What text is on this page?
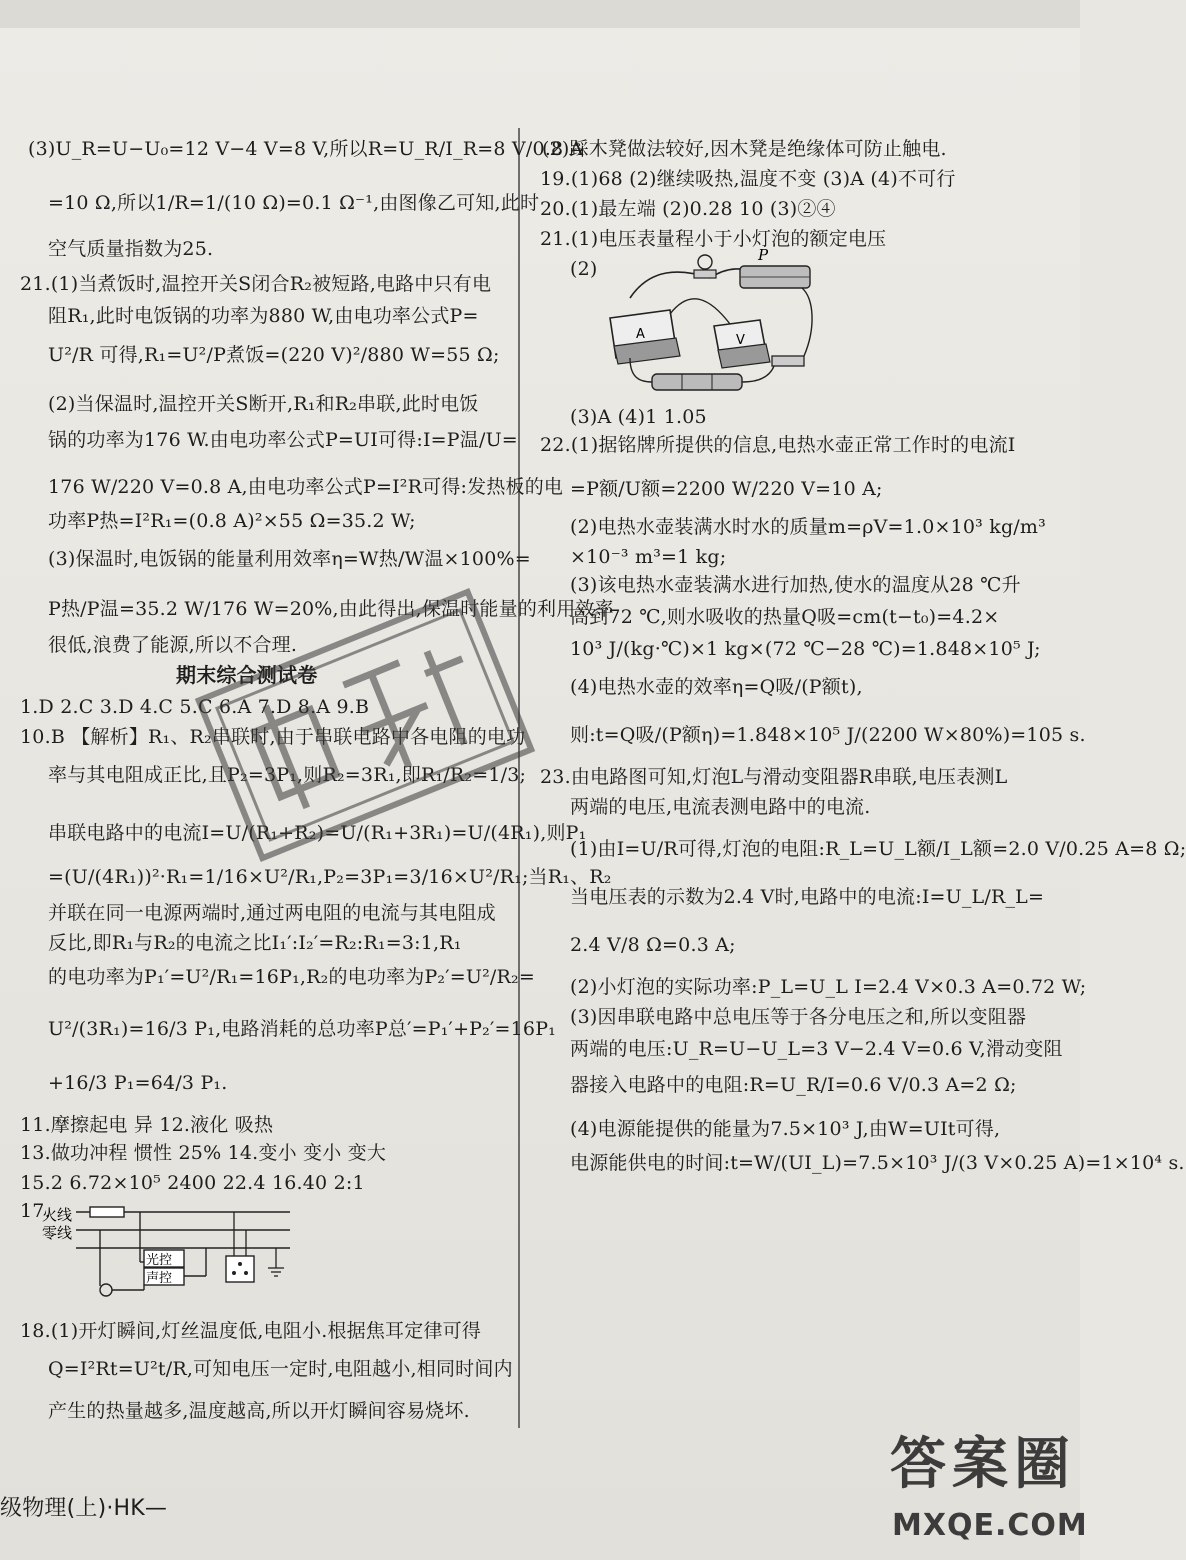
(3)U_R=U−U₀=12 V−4 V=8 V,所以R=U_R/I_R=8 V/0.8 A
=10 Ω,所以1/R=1/(10 Ω)=0.1 Ω⁻¹,由图像乙可知,此时
空气质量指数为25.
21.(1)当煮饭时,温控开关S闭合R₂被短路,电路中只有电
阻R₁,此时电饭锅的功率为880 W,由电功率公式P=
U²/R 可得,R₁=U²/P煮饭=(220 V)²/880 W=55 Ω;
(2)当保温时,温控开关S断开,R₁和R₂串联,此时电饭
锅的功率为176 W.由电功率公式P=UI可得:I=P温/U=
176 W/220 V=0.8 A,由电功率公式P=I²R可得:发热板的电
功率P热=I²R₁=(0.8 A)²×55 Ω=35.2 W;
(3)保温时,电饭锅的能量利用效率η=W热/W温×100%=
P热/P温=35.2 W/176 W=20%,由此得出,保温时能量的利用效率
很低,浪费了能源,所以不合理.
期末综合测试卷
1.D 2.C 3.D 4.C 5.C 6.A 7.D 8.A 9.B
10.B 【解析】R₁、R₂串联时,由于串联电路中各电阻的电功
率与其电阻成正比,且P₂=3P₁,则R₂=3R₁,即R₁/R₂=1/3;
串联电路中的电流I=U/(R₁+R₂)=U/(R₁+3R₁)=U/(4R₁),则P₁
=(U/(4R₁))²·R₁=1/16×U²/R₁,P₂=3P₁=3/16×U²/R₁;当R₁、R₂
并联在同一电源两端时,通过两电阻的电流与其电阻成
反比,即R₁与R₂的电流之比I₁′:I₂′=R₂:R₁=3:1,R₁
的电功率为P₁′=U²/R₁=16P₁,R₂的电功率为P₂′=U²/R₂=
U²/(3R₁)=16/3 P₁,电路消耗的总功率P总′=P₁′+P₂′=16P₁
+16/3 P₁=64/3 P₁.
11.摩擦起电 异 12.液化 吸热
13.做功冲程 惯性 25% 14.变小 变小 变大
15.2 6.72×10⁵ 2400 22.4 16.40 2:1
17.
火线
零线
光控
声控
18.(1)开灯瞬间,灯丝温度低,电阻小.根据焦耳定律可得
Q=I²Rt=U²t/R,可知电压一定时,电阻越小,相同时间内
产生的热量越多,温度越高,所以开灯瞬间容易烧坏.
级物理(上)·HK—
(2)踩木凳做法较好,因木凳是绝缘体可防止触电.
19.(1)68 (2)继续吸热,温度不变 (3)A (4)不可行
20.(1)最左端 (2)0.28 10 (3)②④
21.(1)电压表量程小于小灯泡的额定电压
(2)
P
A	V
(3)A (4)1 1.05
22.(1)据铭牌所提供的信息,电热水壶正常工作时的电流I
=P额/U额=2200 W/220 V=10 A;
(2)电热水壶装满水时水的质量m=ρV=1.0×10³ kg/m³
×10⁻³ m³=1 kg;
(3)该电热水壶装满水进行加热,使水的温度从28 ℃升
高到72 ℃,则水吸收的热量Q吸=cm(t−t₀)=4.2×
10³ J/(kg·℃)×1 kg×(72 ℃−28 ℃)=1.848×10⁵ J;
(4)电热水壶的效率η=Q吸/(P额t),
则:t=Q吸/(P额η)=1.848×10⁵ J/(2200 W×80%)=105 s.
23.由电路图可知,灯泡L与滑动变阻器R串联,电压表测L
两端的电压,电流表测电路中的电流.
(1)由I=U/R可得,灯泡的电阻:R_L=U_L额/I_L额=2.0 V/0.25 A=8 Ω;
当电压表的示数为2.4 V时,电路中的电流:I=U_L/R_L=
2.4 V/8 Ω=0.3 A;
(2)小灯泡的实际功率:P_L=U_L I=2.4 V×0.3 A=0.72 W;
(3)因串联电路中总电压等于各分电压之和,所以变阻器
两端的电压:U_R=U−U_L=3 V−2.4 V=0.6 V,滑动变阻
器接入电路中的电阻:R=U_R/I=0.6 V/0.3 A=2 Ω;
(4)电源能提供的能量为7.5×10³ J,由W=UIt可得,
电源能供电的时间:t=W/(UI_L)=7.5×10³ J/(3 V×0.25 A)=1×10⁴ s.
答案圈
MXQE.COM
